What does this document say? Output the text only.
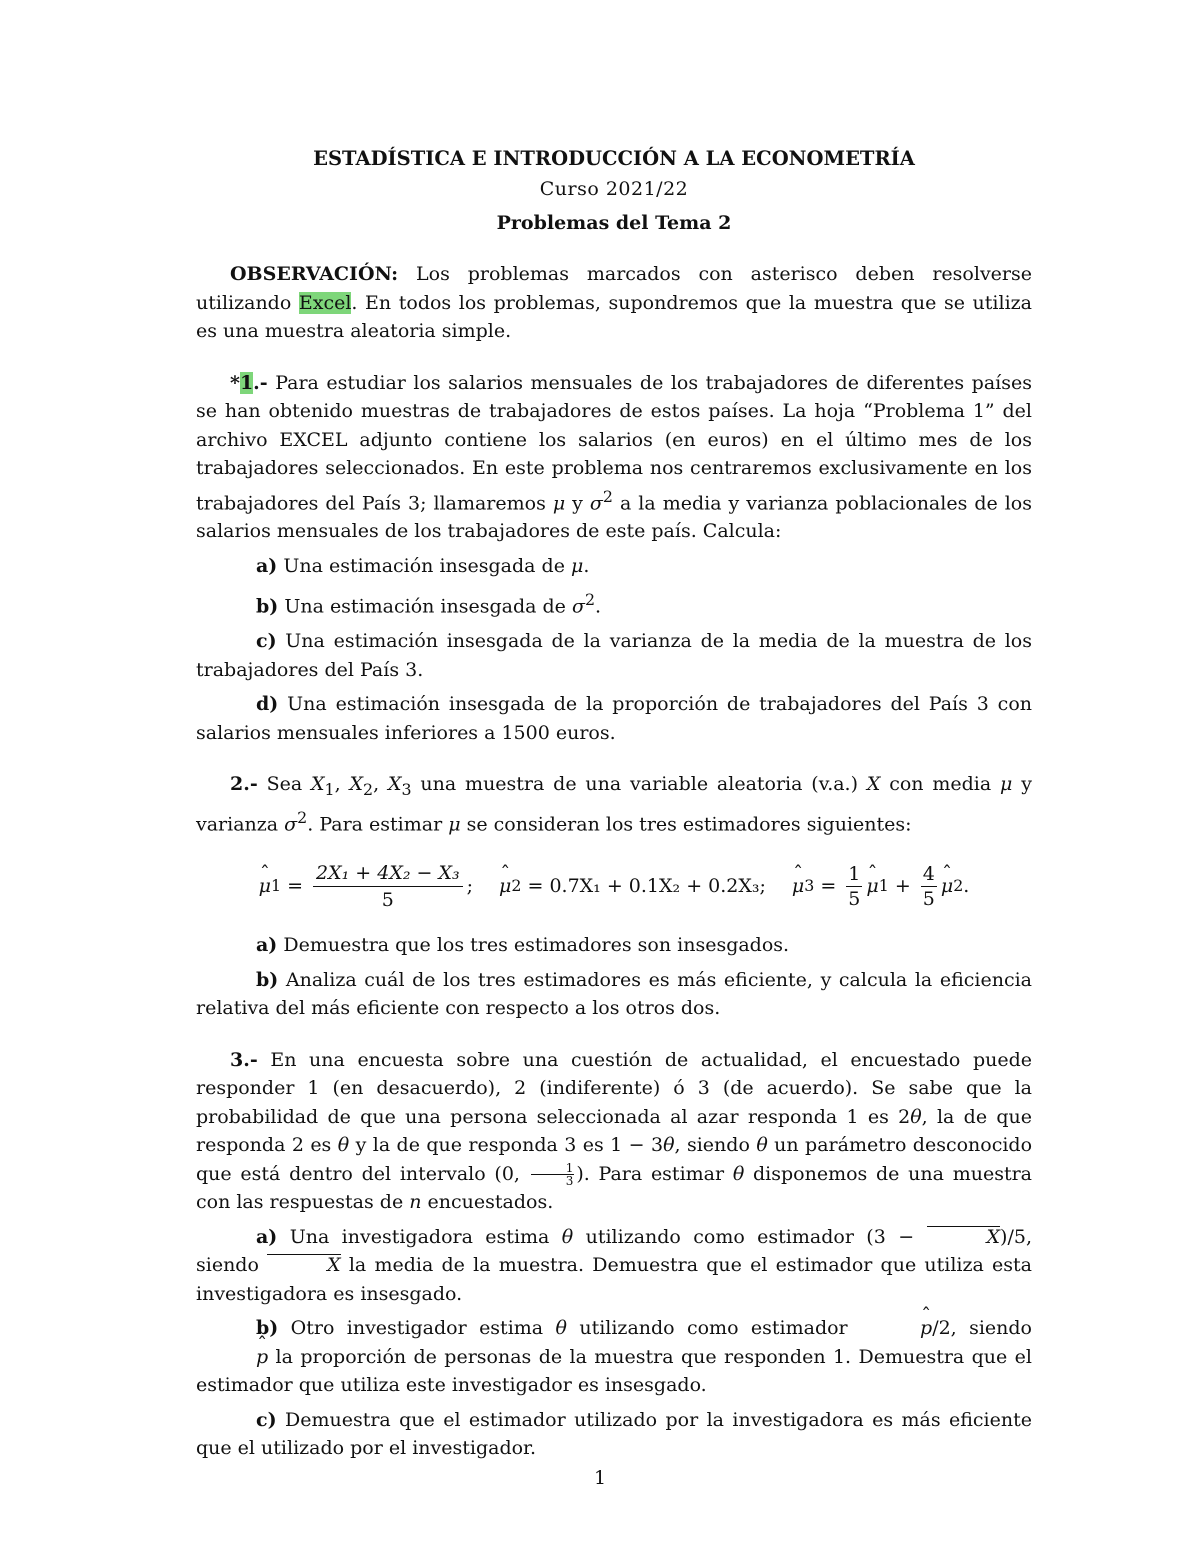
ESTADÍSTICA E INTRODUCCIÓN A LA ECONOMETRÍA

Curso 2021/22

Problemas del Tema 2

OBSERVACIÓN: Los problemas marcados con asterisco deben resolverse utilizando Excel. En todos los problemas, supondremos que la muestra que se utiliza es una muestra aleatoria simple.

*1.- Para estudiar los salarios mensuales de los trabajadores de diferentes países se han obtenido muestras de trabajadores de estos países. La hoja “Problema 1” del archivo EXCEL adjunto contiene los salarios (en euros) en el último mes de los trabajadores seleccionados. En este problema nos centraremos exclusivamente en los trabajadores del País 3; llamaremos μ y $\sigma^2$ a la media y varianza poblacionales de los salarios mensuales de los trabajadores de este país. Calcula:

a) Una estimación insesgada de μ.

b) Una estimación insesgada de $\sigma^2$.

c) Una estimación insesgada de la varianza de la media de la muestra de los trabajadores del País 3.

d) Una estimación insesgada de la proporción de trabajadores del País 3 con salarios mensuales inferiores a 1500 euros.

2.- Sea $X_1$, $X_2$, $X_3$ una muestra de una variable aleatoria (v.a.) X con media μ y varianza $\sigma^2$. Para estimar μ se consideran los tres estimadores siguientes:

ˆ μ $1 = \frac{\text{2X₁ + 4X₂ − X₃}}{5}$ ; ˆ μ 2 = 0.7X₁ + 0.1X₂ + 0.2X₃; ˆ μ $3 = \frac{1}{5}$ ˆ μ $1 + \frac{4}{5}$ ˆ μ 2 .

a) Demuestra que los tres estimadores son insesgados.

b) Analiza cuál de los tres estimadores es más eficiente, y calcula la eficiencia relativa del más eficiente con respecto a los otros dos.

3.- En una encuesta sobre una cuestión de actualidad, el encuestado puede responder 1 (en desacuerdo), 2 (indiferente) ó 3 (de acuerdo). Se sabe que la probabilidad de que una persona seleccionada al azar responda 1 es 2θ, la de que responda 2 es θ y la de que responda 3 es 1 − 3θ, siendo θ un parámetro desconocido que está dentro del intervalo (0, $\frac{1}{3}$ ). Para estimar θ disponemos de una muestra con las respuestas de n encuestados.

a) Una investigadora estima θ utilizando como estimador (3 −	X)/5, siendo	X la media de la muestra. Demuestra que el estimador que utiliza esta investigadora es insesgado.

b) Otro investigador estima θ utilizando como estimador	ˆ p/2, siendo ˆ p la proporción de personas de la muestra que responden 1. Demuestra que el estimador que utiliza este investigador es insesgado.

c) Demuestra que el estimador utilizado por la investigadora es más eficiente que el utilizado por el investigador.

1
